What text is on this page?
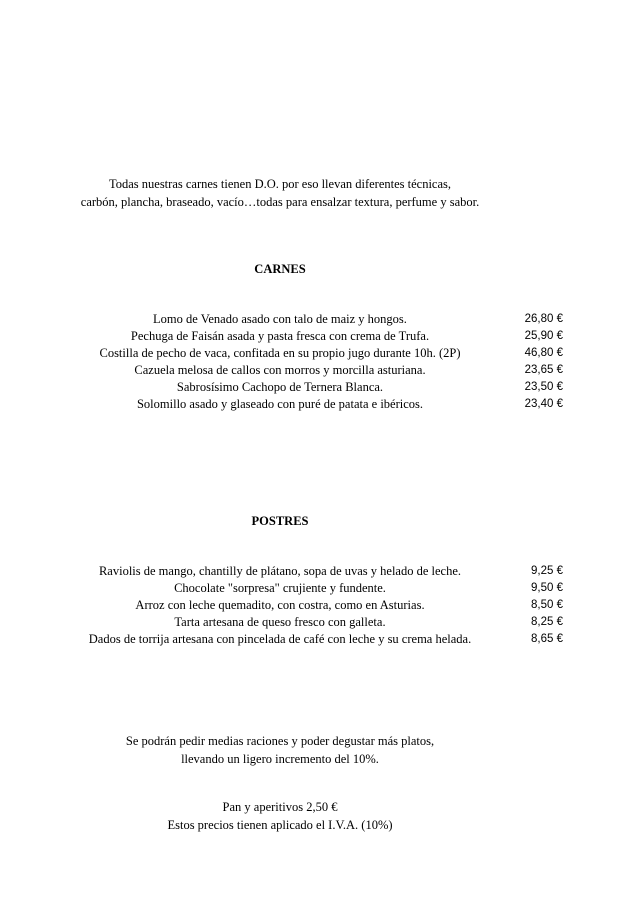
Todas nuestras carnes tienen D.O. por eso llevan diferentes técnicas,
carbón, plancha, braseado, vacío…todas para ensalzar textura, perfume y sabor.
CARNES
Lomo de Venado asado con talo de maiz y hongos.	26,80 €
Pechuga de Faisán asada y pasta fresca con crema de Trufa.	25,90 €
Costilla de pecho de vaca, confitada en su propio jugo durante 10h. (2P)	46,80 €
Cazuela melosa de callos con morros y morcilla asturiana.	23,65 €
Sabrosísimo Cachopo de Ternera Blanca.	23,50 €
Solomillo asado y glaseado con puré de patata e ibéricos.	23,40 €
POSTRES
Raviolis de mango, chantilly de plátano, sopa de uvas y helado de leche.	9,25 €
Chocolate "sorpresa" crujiente y fundente.	9,50 €
Arroz con leche quemadito, con costra, como en Asturias.	8,50 €
Tarta artesana de queso fresco con galleta.	8,25 €
Dados de torrija artesana con pincelada de café con leche y su crema helada.	8,65 €
Se podrán pedir medias raciones y poder degustar más platos,
llevando un ligero incremento del 10%.
Pan y aperitivos 2,50 €
Estos precios tienen aplicado el I.V.A. (10%)
